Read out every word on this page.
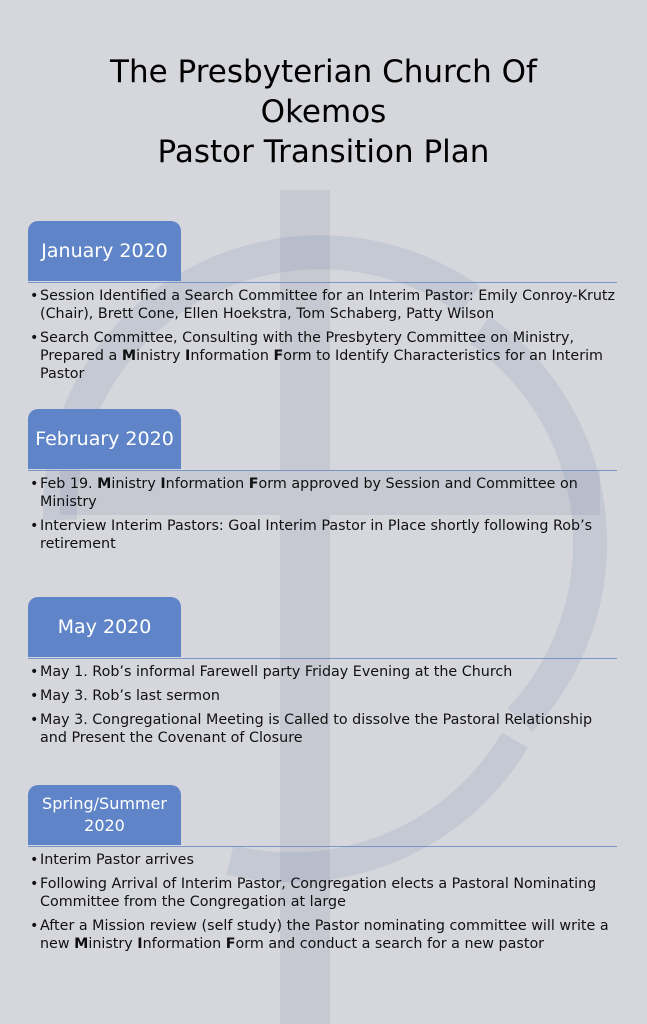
The Presbyterian Church Of
Okemos
Pastor Transition Plan
January 2020
• Session Identified a Search Committee for an Interim Pastor: Emily Conroy-Krutz (Chair), Brett Cone, Ellen Hoekstra, Tom Schaberg, Patty Wilson
• Search Committee, Consulting with the Presbytery Committee on Ministry, Prepared a Ministry Information Form to Identify Characteristics for an Interim Pastor
February 2020
• Feb 19. Ministry Information Form approved by Session and Committee on Ministry
• Interview Interim Pastors: Goal Interim Pastor in Place shortly following Rob’s retirement
May 2020
• May 1. Rob’s informal Farewell party Friday Evening at the Church
• May 3. Rob’s last sermon
• May 3. Congregational Meeting is Called to dissolve the Pastoral Relationship and Present the Covenant of Closure
Spring/Summer 2020
• Interim Pastor arrives
• Following Arrival of Interim Pastor, Congregation elects a Pastoral Nominating Committee from the Congregation at large
• After a Mission review (self study) the Pastor nominating committee will write a new Ministry Information Form and conduct a search for a new pastor
